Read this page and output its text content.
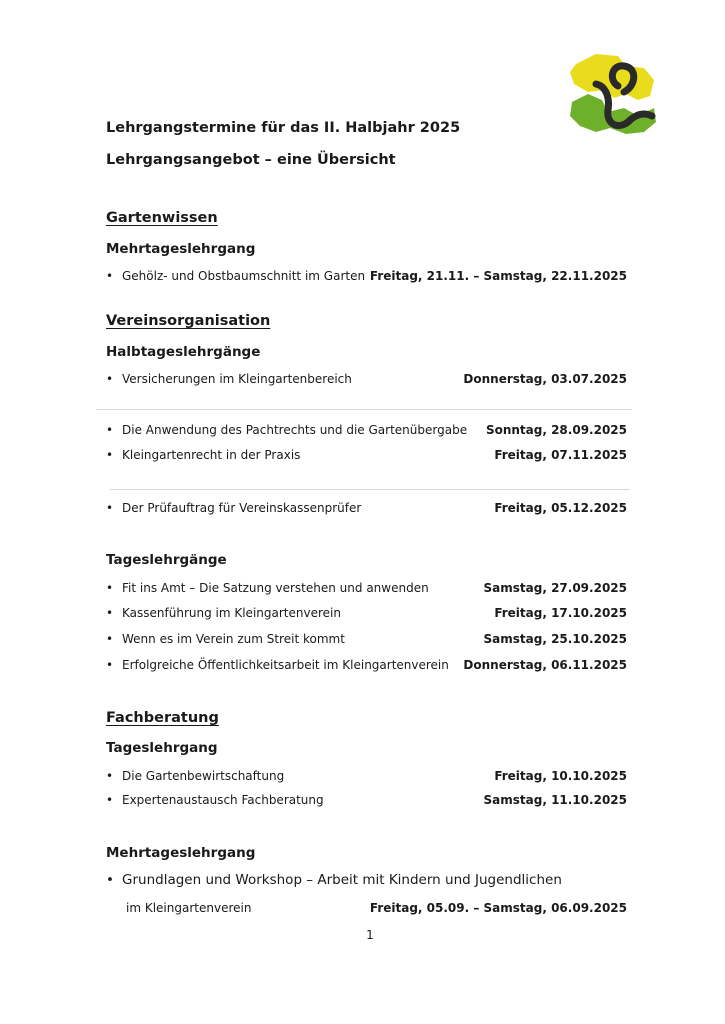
Lehrgangstermine für das II. Halbjahr 2025
Lehrgangsangebot – eine Übersicht
Gartenwissen
Mehrtageslehrgang
• Gehölz- und Obstbaumschnitt im Garten Freitag, 21.11. – Samstag, 22.11.2025
Vereinsorganisation
Halbtageslehrgänge
• Versicherungen im Kleingartenbereich	Donnerstag, 03.07.2025
• Die Anwendung des Pachtrechts und die Gartenübergabe Sonntag, 28.09.2025
• Kleingartenrecht in der Praxis	Freitag, 07.11.2025
• Der Prüfauftrag für Vereinskassenprüfer	Freitag, 05.12.2025
Tageslehrgänge
• Fit ins Amt – Die Satzung verstehen und anwenden	Samstag, 27.09.2025
• Kassenführung im Kleingartenverein	Freitag, 17.10.2025
• Wenn es im Verein zum Streit kommt	Samstag, 25.10.2025
• Erfolgreiche Öffentlichkeitsarbeit im Kleingartenverein Donnerstag, 06.11.2025
Fachberatung
Tageslehrgang
• Die Gartenbewirtschaftung	Freitag, 10.10.2025
• Expertenaustausch Fachberatung	Samstag, 11.10.2025
Mehrtageslehrgang
• Grundlagen und Workshop – Arbeit mit Kindern und Jugendlichen
im Kleingartenverein	Freitag, 05.09. – Samstag, 06.09.2025
1
